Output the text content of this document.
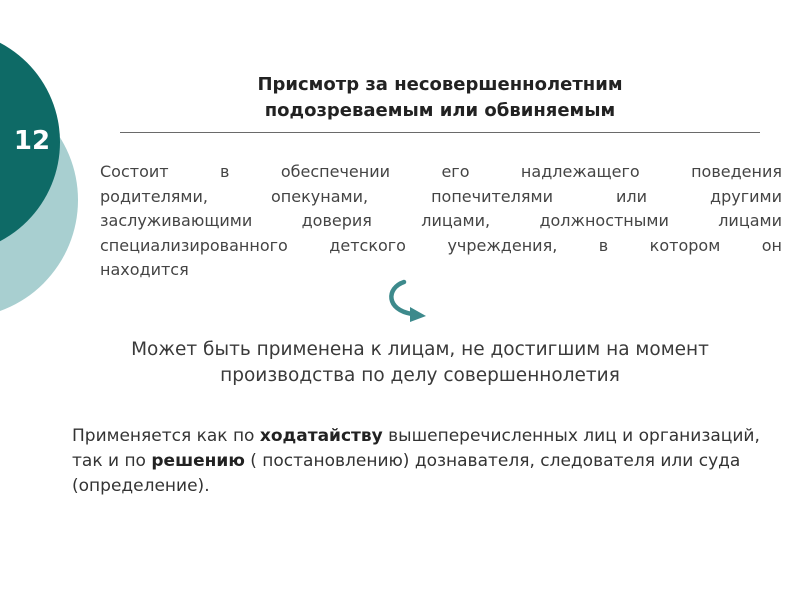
12
Присмотр за несовершеннолетним
подозреваемым или обвиняемым
Состоит в обеспечении его надлежащего поведения
родителями, опекунами, попечителями или другими
заслуживающими доверия лицами, должностными лицами
специализированного детского учреждения, в котором он
находится
Может быть применена к лицам, не достигшим на момент
производства по делу совершеннолетия
Применяется как по ходатайству вышеперечисленных лиц и организаций, так и по решению ( постановлению) дознавателя, следователя или суда (определение).
